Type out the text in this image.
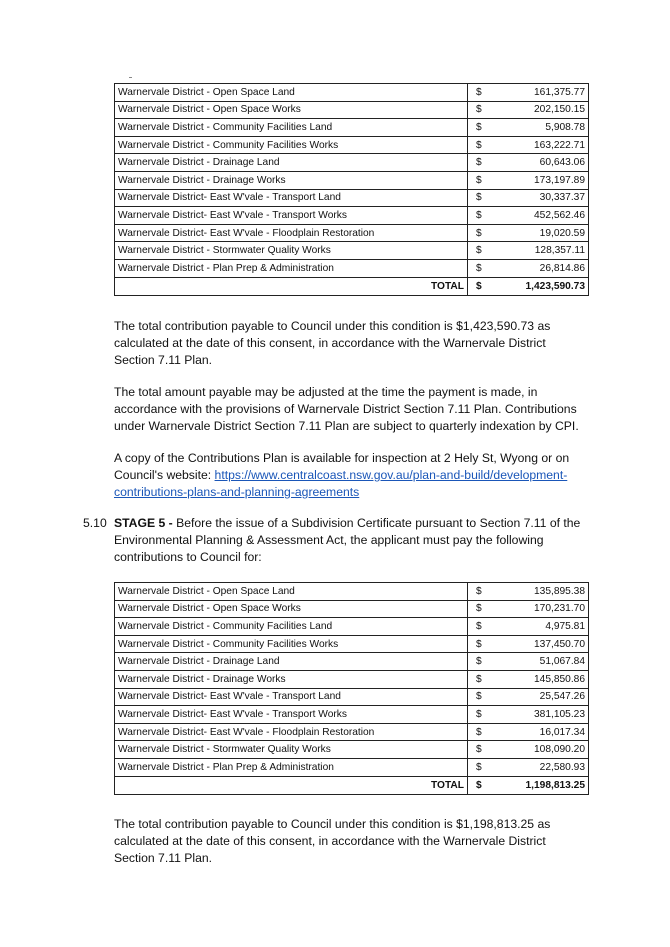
Warnervale District - Open Space Land	$	161,375.77
Warnervale District - Open Space Works	$	202,150.15
Warnervale District - Community Facilities Land	$	5,908.78
Warnervale District - Community Facilities Works	$	163,222.71
Warnervale District - Drainage Land	$	60,643.06
Warnervale District - Drainage Works	$	173,197.89
Warnervale District- East W'vale - Transport Land	$	30,337.37
Warnervale District- East W'vale - Transport Works	$	452,562.46
Warnervale District- East W'vale - Floodplain Restoration	$	19,020.59
Warnervale District - Stormwater Quality Works	$	128,357.11
Warnervale District - Plan Prep & Administration	$	26,814.86
TOTAL	$	1,423,590.73

The total contribution payable to Council under this condition is $1,423,590.73 as calculated at the date of this consent, in accordance with the Warnervale District Section 7.11 Plan.

The total amount payable may be adjusted at the time the payment is made, in accordance with the provisions of Warnervale District Section 7.11 Plan. Contributions under Warnervale District Section 7.11 Plan are subject to quarterly indexation by CPI.

A copy of the Contributions Plan is available for inspection at 2 Hely St, Wyong or on Council's website: https://www.centralcoast.nsw.gov.au/plan-and-build/development-contributions-plans-and-planning-agreements

5.10 STAGE 5 - Before the issue of a Subdivision Certificate pursuant to Section 7.11 of the Environmental Planning & Assessment Act, the applicant must pay the following contributions to Council for:

Warnervale District - Open Space Land	$	135,895.38
Warnervale District - Open Space Works	$	170,231.70
Warnervale District - Community Facilities Land	$	4,975.81
Warnervale District - Community Facilities Works	$	137,450.70
Warnervale District - Drainage Land	$	51,067.84
Warnervale District - Drainage Works	$	145,850.86
Warnervale District- East W'vale - Transport Land	$	25,547.26
Warnervale District- East W'vale - Transport Works	$	381,105.23
Warnervale District- East W'vale - Floodplain Restoration	$	16,017.34
Warnervale District - Stormwater Quality Works	$	108,090.20
Warnervale District - Plan Prep & Administration	$	22,580.93
TOTAL	$	1,198,813.25

The total contribution payable to Council under this condition is $1,198,813.25 as calculated at the date of this consent, in accordance with the Warnervale District Section 7.11 Plan.
